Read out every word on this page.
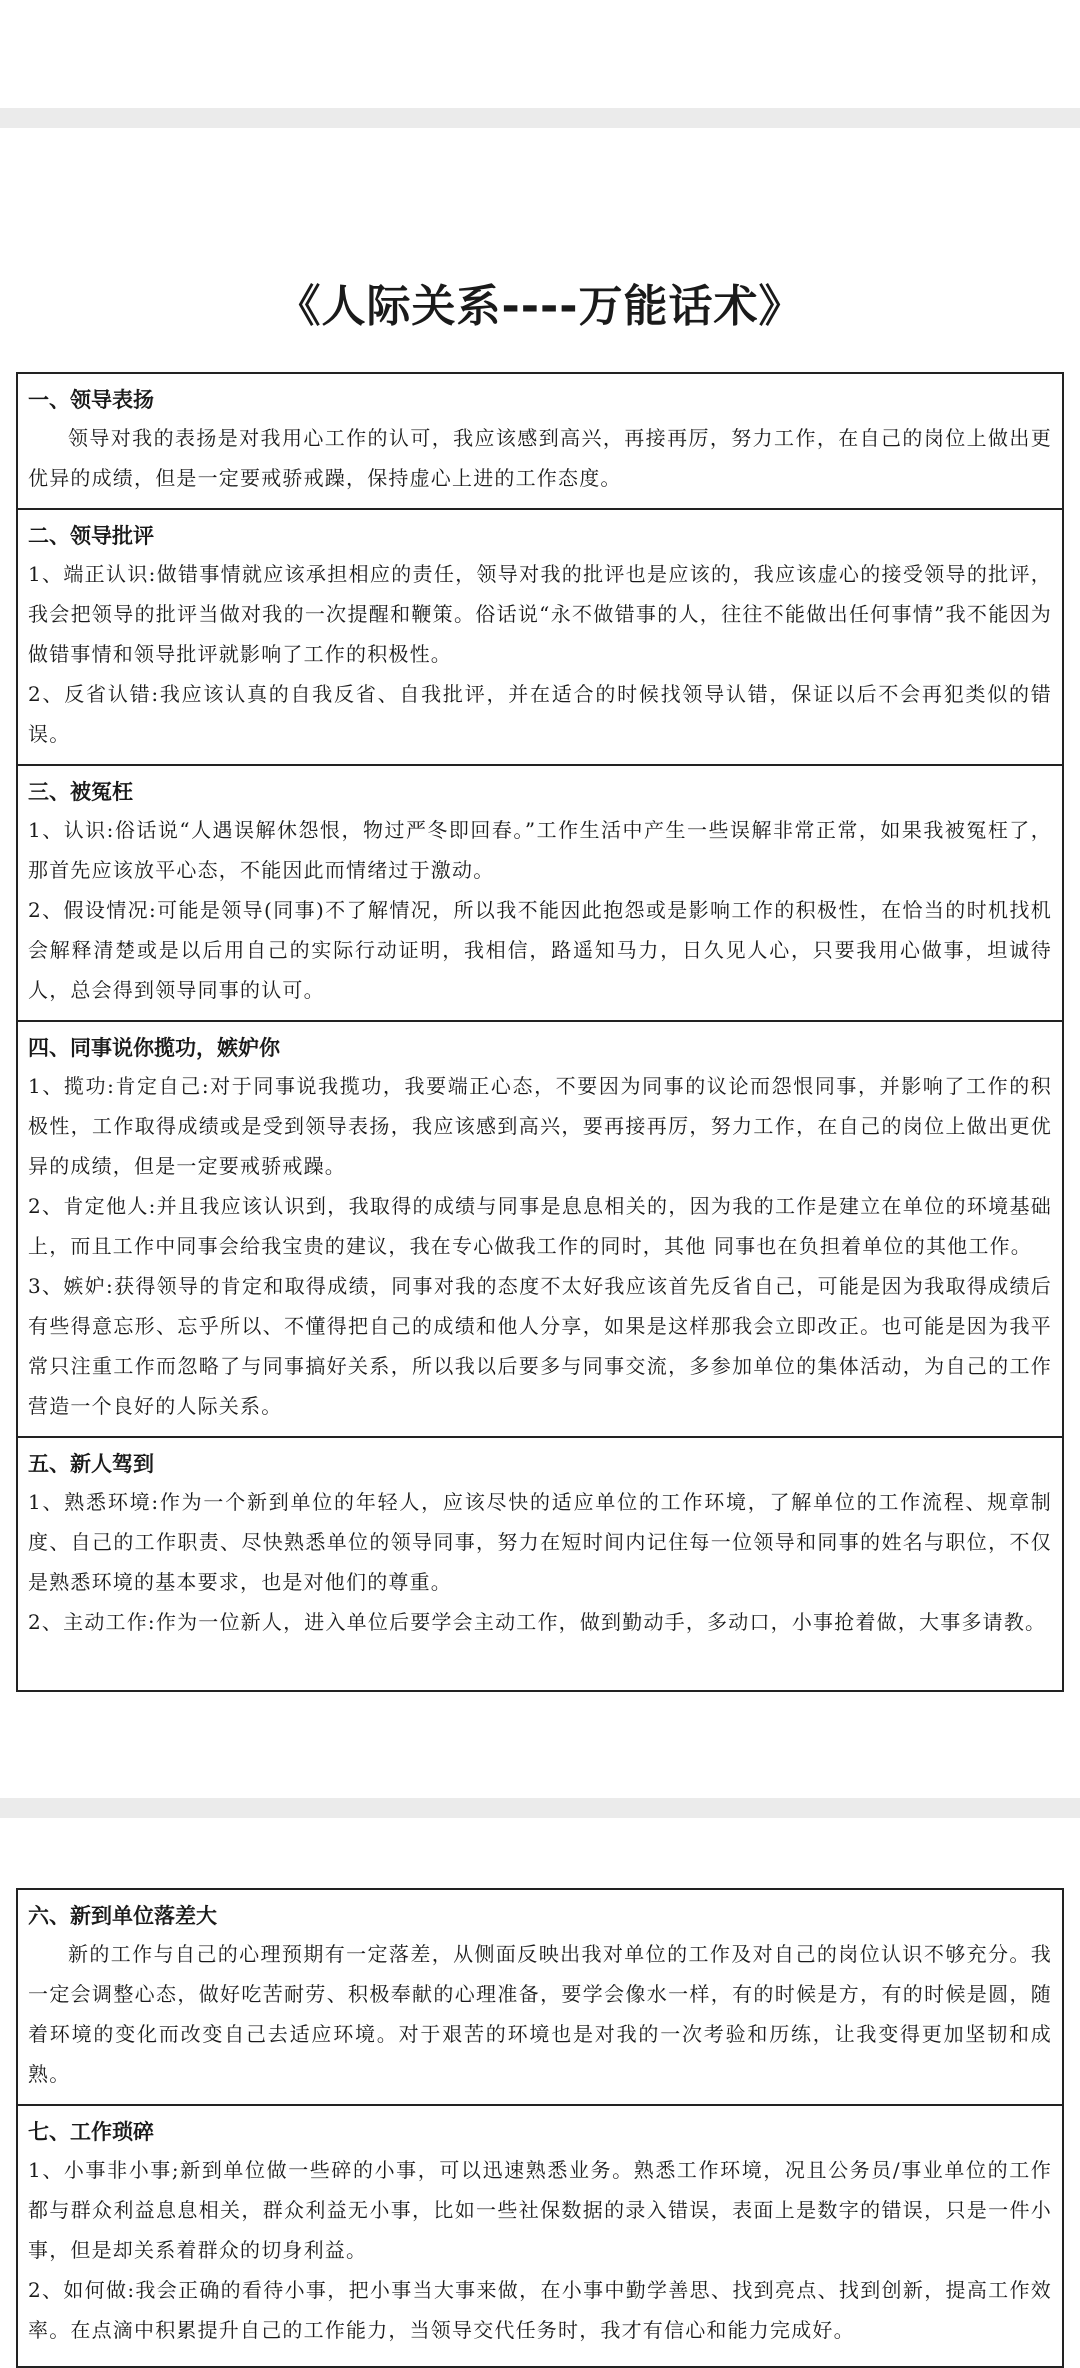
《人际关系----万能话术》
一、领导表扬

领导对我的表扬是对我用心工作的认可，我应该感到高兴，再接再厉，努力工作，在自己的岗位上做出更优异的成绩，但是一定要戒骄戒躁，保持虚心上进的工作态度。

二、领导批评

1、端正认识:做错事情就应该承担相应的责任，领导对我的批评也是应该的，我应该虚心的接受领导的批评，我会把领导的批评当做对我的一次提醒和鞭策。俗话说“永不做错事的人，往往不能做出任何事情”我不能因为做错事情和领导批评就影响了工作的积极性。

2、反省认错:我应该认真的自我反省、自我批评，并在适合的时候找领导认错，保证以后不会再犯类似的错误。

三、被冤枉

1、认识:俗话说“人遇误解休怨恨，物过严冬即回春。”工作生活中产生一些误解非常正常，如果我被冤枉了，那首先应该放平心态，不能因此而情绪过于激动。

2、假设情况:可能是领导(同事)不了解情况，所以我不能因此抱怨或是影响工作的积极性，在恰当的时机找机会解释清楚或是以后用自己的实际行动证明，我相信，路遥知马力，日久见人心，只要我用心做事，坦诚待人，总会得到领导同事的认可。

四、同事说你揽功，嫉妒你

1、揽功:肯定自己:对于同事说我揽功，我要端正心态，不要因为同事的议论而怨恨同事，并影响了工作的积极性，工作取得成绩或是受到领导表扬，我应该感到高兴，要再接再厉，努力工作，在自己的岗位上做出更优异的成绩，但是一定要戒骄戒躁。

2、肯定他人:并且我应该认识到，我取得的成绩与同事是息息相关的，因为我的工作是建立在单位的环境基础上，而且工作中同事会给我宝贵的建议，我在专心做我工作的同时，其他 同事也在负担着单位的其他工作。

3、嫉妒:获得领导的肯定和取得成绩，同事对我的态度不太好我应该首先反省自己，可能是因为我取得成绩后有些得意忘形、忘乎所以、不懂得把自己的成绩和他人分享，如果是这样那我会立即改正。也可能是因为我平常只注重工作而忽略了与同事搞好关系，所以我以后要多与同事交流，多参加单位的集体活动，为自己的工作营造一个良好的人际关系。

五、新人驾到

1、熟悉环境:作为一个新到单位的年轻人，应该尽快的适应单位的工作环境，了解单位的工作流程、规章制度、自己的工作职责、尽快熟悉单位的领导同事，努力在短时间内记住每一位领导和同事的姓名与职位，不仅是熟悉环境的基本要求，也是对他们的尊重。

2、主动工作:作为一位新人，进入单位后要学会主动工作，做到勤动手，多动口，小事抢着做，大事多请教。

六、新到单位落差大

新的工作与自己的心理预期有一定落差，从侧面反映出我对单位的工作及对自己的岗位认识不够充分。我一定会调整心态，做好吃苦耐劳、积极奉献的心理准备，要学会像水一样，有的时候是方，有的时候是圆，随着环境的变化而改变自己去适应环境。对于艰苦的环境也是对我的一次考验和历练，让我变得更加坚韧和成熟。

七、工作琐碎

1、小事非小事;新到单位做一些碎的小事，可以迅速熟悉业务。熟悉工作环境，况且公务员/事业单位的工作都与群众利益息息相关，群众利益无小事，比如一些社保数据的录入错误，表面上是数字的错误，只是一件小事，但是却关系着群众的切身利益。

2、如何做:我会正确的看待小事，把小事当大事来做，在小事中勤学善思、找到亮点、找到创新，提高工作效率。在点滴中积累提升自己的工作能力，当领导交代任务时，我才有信心和能力完成好。
